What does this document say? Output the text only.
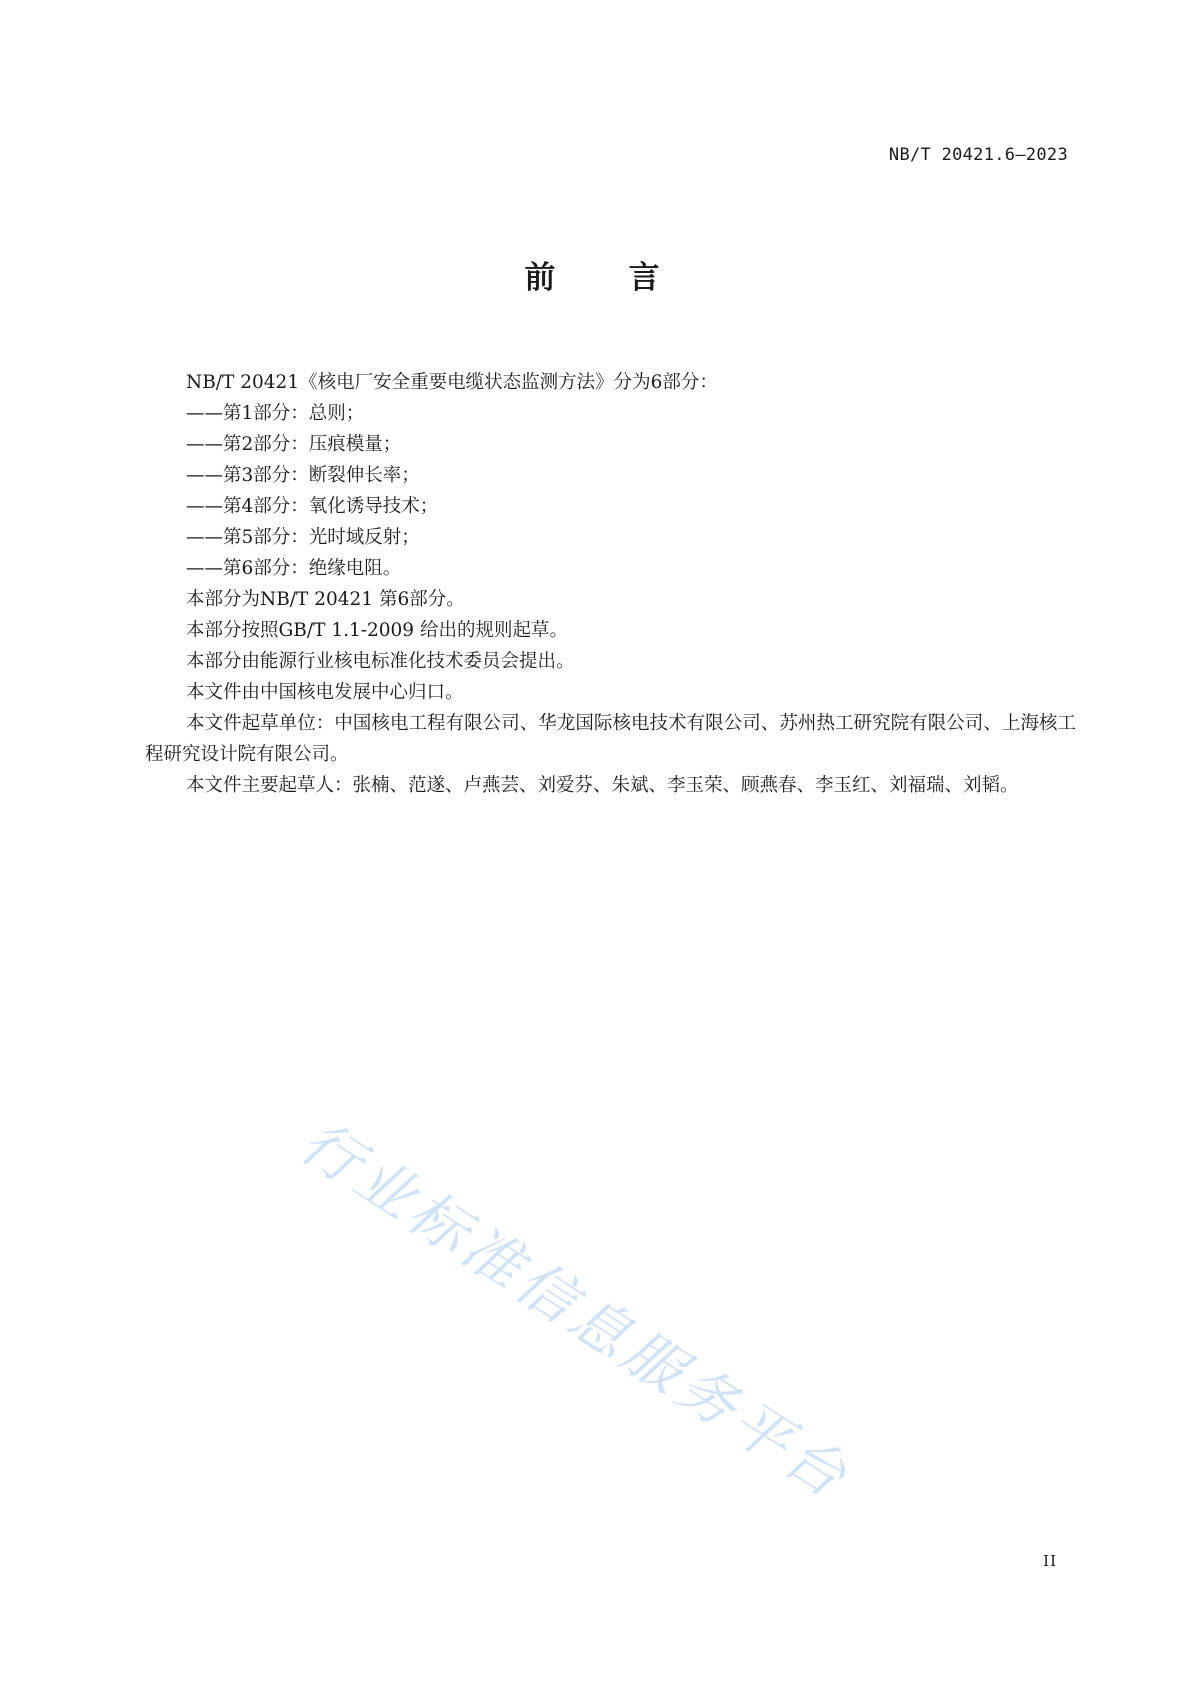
NB/T 20421.6—2023
前    言

NB/T 20421《核电厂安全重要电缆状态监测方法》分为6部分：

——第1部分：总则；

——第2部分：压痕模量；

——第3部分：断裂伸长率；

——第4部分：氧化诱导技术；

——第5部分：光时域反射；

——第6部分：绝缘电阻。

本部分为NB/T 20421 第6部分。

本部分按照GB/T 1.1-2009 给出的规则起草。

本部分由能源行业核电标准化技术委员会提出。

本文件由中国核电发展中心归口。

本文件起草单位：中国核电工程有限公司、华龙国际核电技术有限公司、苏州热工研究院有限公司、上海核工程研究设计院有限公司。

本文件主要起草人：张楠、范遂、卢燕芸、刘爱芬、朱斌、李玉荣、顾燕春、李玉红、刘福瑞、刘韬。

行业标准信息服务平台
II
